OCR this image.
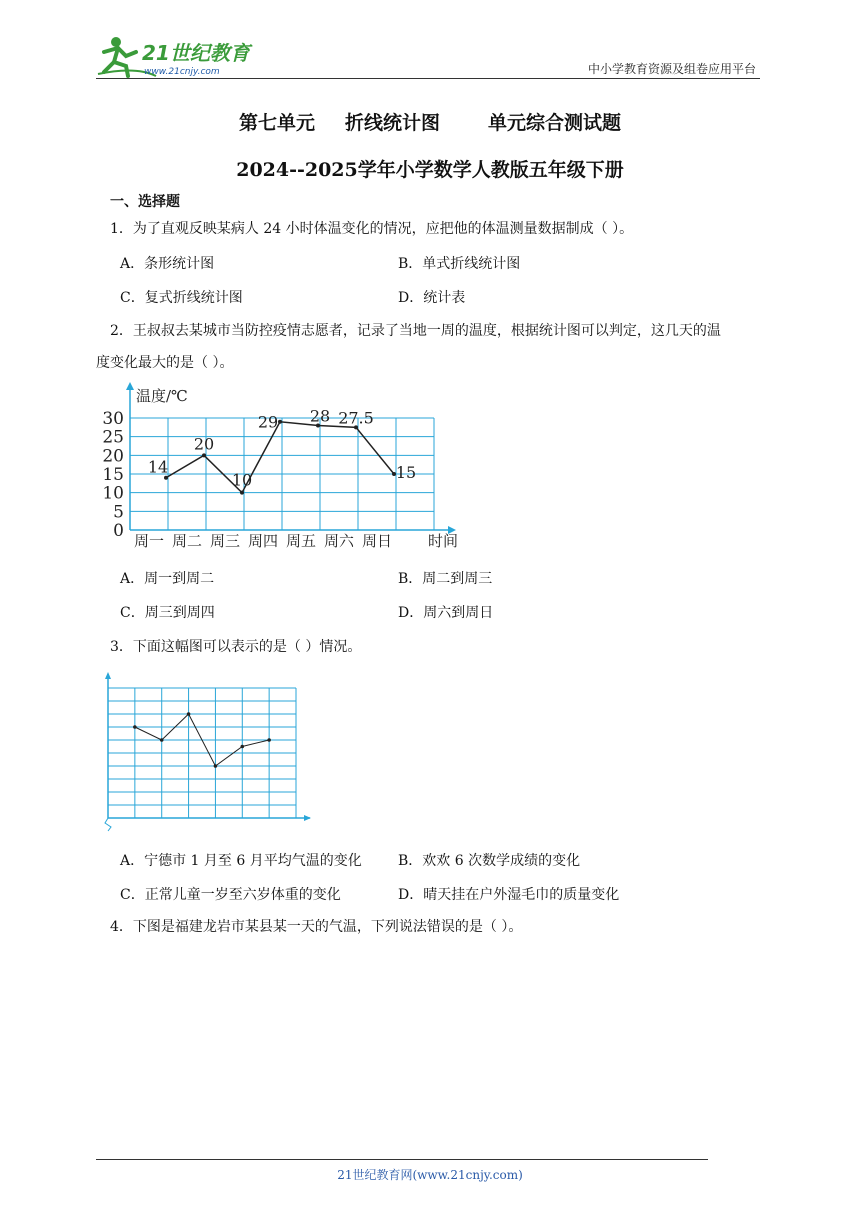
21世纪教育
www.21cnjy.com	中小学教育资源及组卷应用平台
第七单元 折线统计图	单元综合测试题
2024--2025学年小学数学人教版五年级下册
一、选择题
1．为了直观反映某病人 24 小时体温变化的情况，应把他的体温测量数据制成（ ）。
A．条形统计图	B．单式折线统计图
C．复式折线统计图	D．统计表
2．王叔叔去某城市当防控疫情志愿者，记录了当地一周的温度，根据统计图可以判定，这几天的温
度变化最大的是（ ）。
温度/℃
时间
0
5
10
15
20
25
30
周一 周二 周三 周四 周五 周六 周日
14
20
10
29 28 27.5
15
A．周一到周二	B．周二到周三
C．周三到周四	D．周六到周日
3．下面这幅图可以表示的是（ ）情况。
A．宁德市 1 月至 6 月平均气温的变化	B．欢欢 6 次数学成绩的变化
C．正常儿童一岁至六岁体重的变化	D．晴天挂在户外湿毛巾的质量变化
4．下图是福建龙岩市某县某一天的气温，下列说法错误的是（ ）。
21世纪教育网(www.21cnjy.com)
